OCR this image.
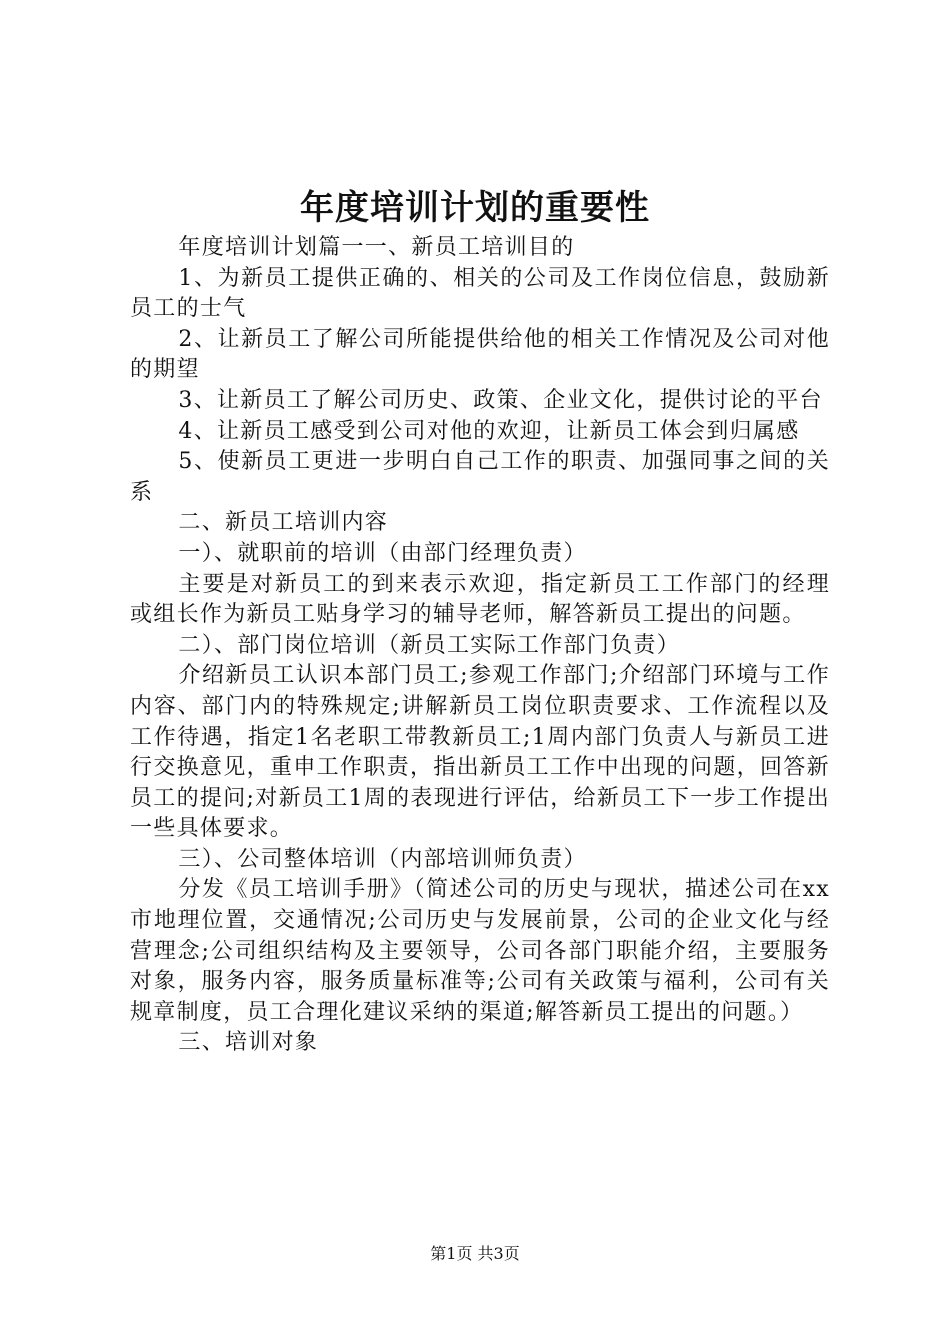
年度培训计划的重要性

年度培训计划篇一一、新员工培训目的

1、为新员工提供正确的、相关的公司及工作岗位信息，鼓励新员工的士气

2、让新员工了解公司所能提供给他的相关工作情况及公司对他的期望

3、让新员工了解公司历史、政策、企业文化，提供讨论的平台

4、让新员工感受到公司对他的欢迎，让新员工体会到归属感

5、使新员工更进一步明白自己工作的职责、加强同事之间的关系

二、新员工培训内容

一）、就职前的培训（由部门经理负责）

主要是对新员工的到来表示欢迎，指定新员工工作部门的经理或组长作为新员工贴身学习的辅导老师，解答新员工提出的问题。

二）、部门岗位培训（新员工实际工作部门负责）

介绍新员工认识本部门员工;参观工作部门;介绍部门环境与工作内容、部门内的特殊规定;讲解新员工岗位职责要求、工作流程以及工作待遇，指定1名老职工带教新员工;1周内部门负责人与新员工进行交换意见，重申工作职责，指出新员工工作中出现的问题，回答新员工的提问;对新员工1周的表现进行评估，给新员工下一步工作提出一些具体要求。

三）、公司整体培训（内部培训师负责）

分发《员工培训手册》（简述公司的历史与现状，描述公司在xx市地理位置，交通情况;公司历史与发展前景，公司的企业文化与经营理念;公司组织结构及主要领导，公司各部门职能介绍，主要服务对象，服务内容，服务质量标准等;公司有关政策与福利，公司有关规章制度，员工合理化建议采纳的渠道;解答新员工提出的问题。）

三、培训对象

第1页 共3页
